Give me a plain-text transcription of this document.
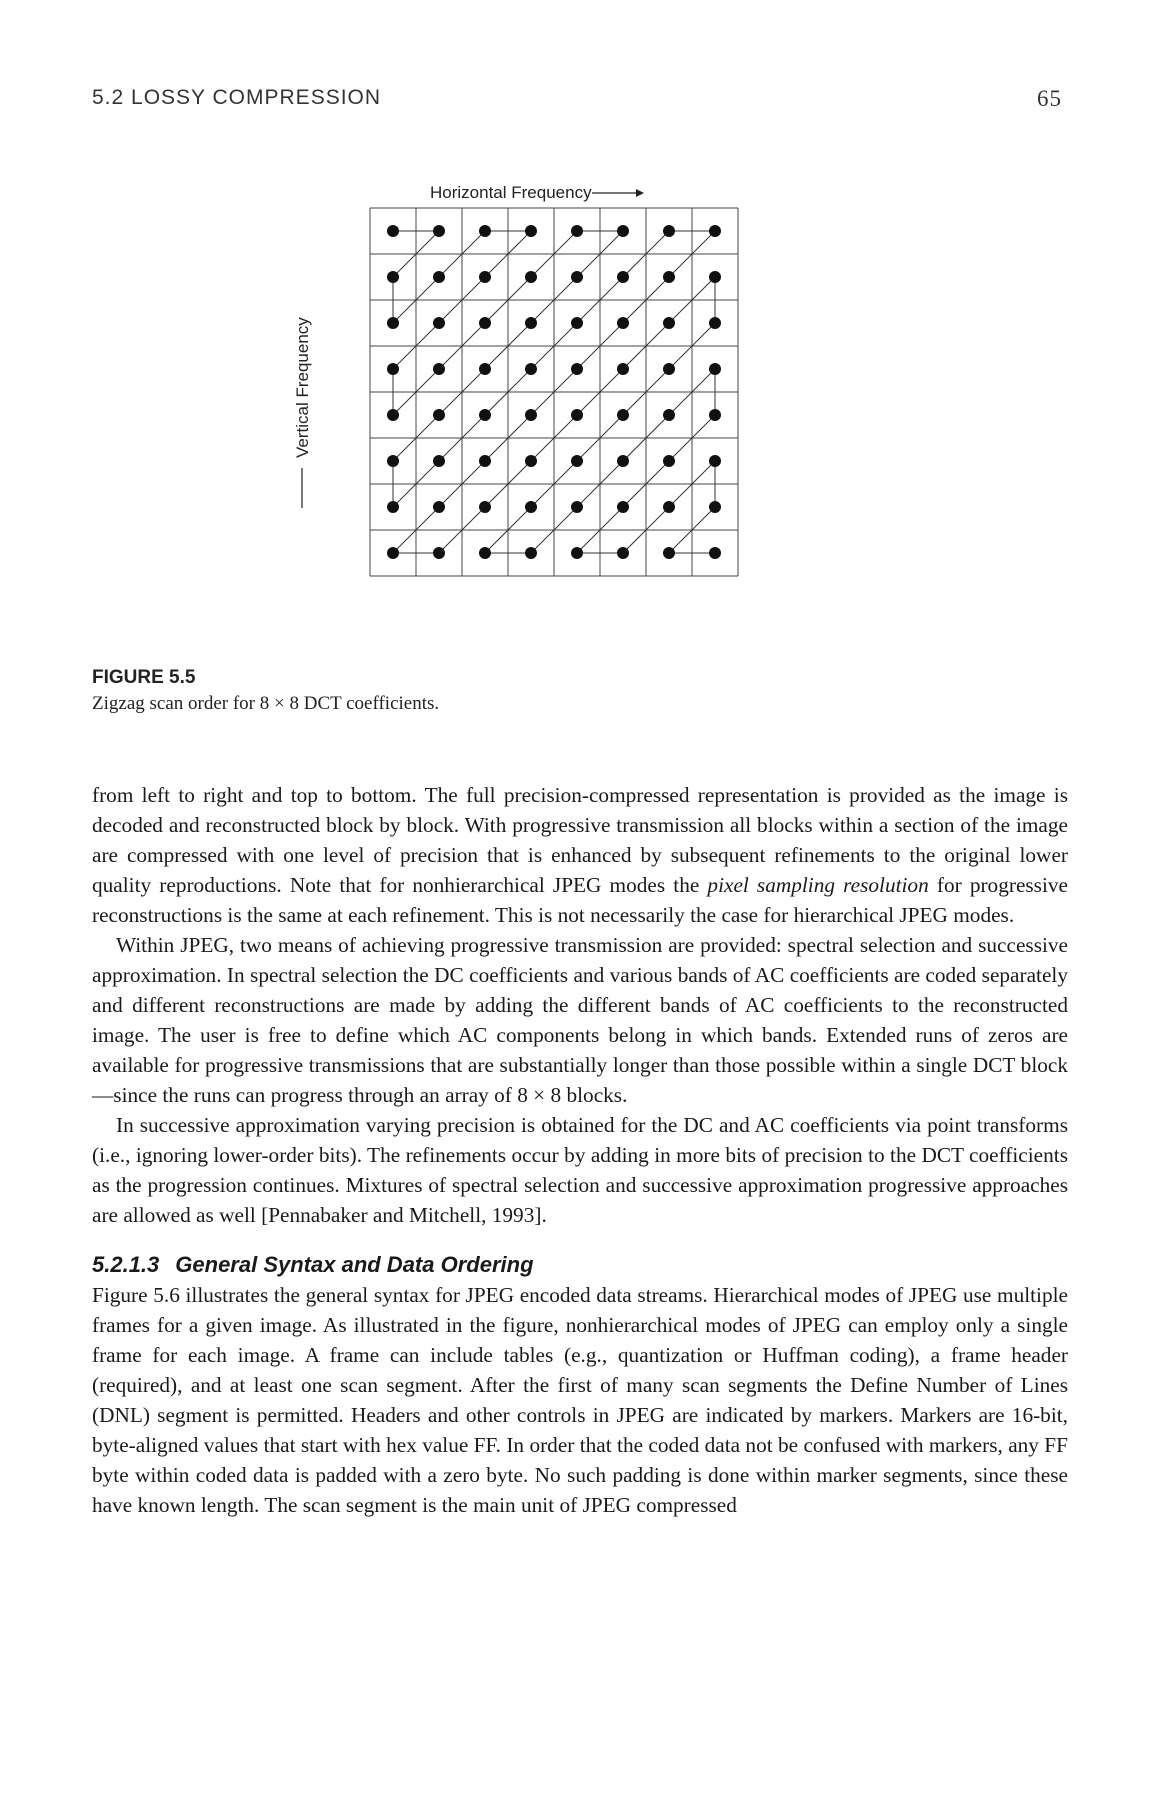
5.2 LOSSY COMPRESSION	65
Horizontal Frequency
Vertical Frequency
FIGURE 5.5
Zigzag scan order for 8 × 8 DCT coefficients.

from left to right and top to bottom. The full precision-compressed representation is provided as the image is decoded and reconstructed block by block. With progressive transmission all blocks within a section of the image are compressed with one level of precision that is enhanced by subsequent refinements to the original lower quality reproductions. Note that for nonhierarchical JPEG modes the pixel sampling resolution for progressive reconstructions is the same at each refinement. This is not necessarily the case for hierarchical JPEG modes.

Within JPEG, two means of achieving progressive transmission are provided: spectral selection and successive approximation. In spectral selection the DC coefficients and various bands of AC coefficients are coded separately and different reconstructions are made by adding the different bands of AC coefficients to the reconstructed image. The user is free to define which AC components belong in which bands. Extended runs of zeros are available for progressive transmissions that are substantially longer than those possible within a single DCT block—since the runs can progress through an array of 8 × 8 blocks.

In successive approximation varying precision is obtained for the DC and AC coefficients via point transforms (i.e., ignoring lower-order bits). The refinements occur by adding in more bits of precision to the DCT coefficients as the progression continues. Mixtures of spectral selection and successive approximation progressive approaches are allowed as well [Pennabaker and Mitchell, 1993].

5.2.1.3 General Syntax and Data Ordering

Figure 5.6 illustrates the general syntax for JPEG encoded data streams. Hierarchical modes of JPEG use multiple frames for a given image. As illustrated in the figure, nonhierarchical modes of JPEG can employ only a single frame for each image. A frame can include tables (e.g., quantization or Huffman coding), a frame header (required), and at least one scan segment. After the first of many scan segments the Define Number of Lines (DNL) segment is permitted. Headers and other controls in JPEG are indicated by markers. Markers are 16-bit, byte-aligned values that start with hex value FF. In order that the coded data not be confused with markers, any FF byte within coded data is padded with a zero byte. No such padding is done within marker segments, since these have known length. The scan segment is the main unit of JPEG compressed
